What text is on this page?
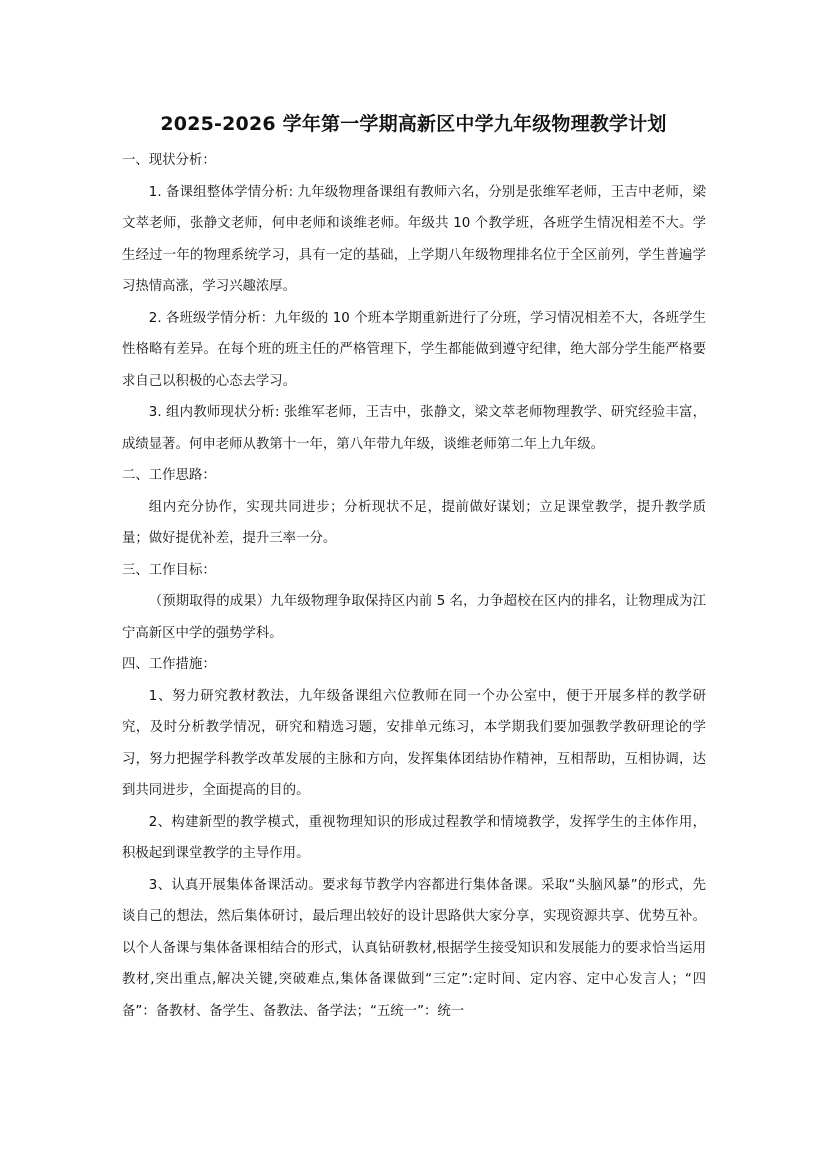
2025-2026 学年第一学期高新区中学九年级物理教学计划

一、现状分析：

1. 备课组整体学情分析: 九年级物理备课组有教师六名，分别是张维军老师，王吉中老师，梁文萃老师，张静文老师，何申老师和谈维老师。年级共 10 个教学班，各班学生情况相差不大。学生经过一年的物理系统学习，具有一定的基础，上学期八年级物理排名位于全区前列，学生普遍学习热情高涨，学习兴趣浓厚。

2. 各班级学情分析：九年级的 10 个班本学期重新进行了分班，学习情况相差不大，各班学生性格略有差异。在每个班的班主任的严格管理下，学生都能做到遵守纪律，绝大部分学生能严格要求自己以积极的心态去学习。

3. 组内教师现状分析: 张维军老师，王吉中，张静文，梁文萃老师物理教学、研究经验丰富，成绩显著。何申老师从教第十一年，第八年带九年级，谈维老师第二年上九年级。

二、工作思路：

组内充分协作，实现共同进步；分析现状不足，提前做好谋划；立足课堂教学，提升教学质量；做好提优补差，提升三率一分。

三、工作目标：

（预期取得的成果）九年级物理争取保持区内前 5 名，力争超校在区内的排名，让物理成为江宁高新区中学的强势学科。

四、工作措施：

1、努力研究教材教法，九年级备课组六位教师在同一个办公室中，便于开展多样的教学研究，及时分析教学情况，研究和精选习题，安排单元练习，本学期我们要加强教学教研理论的学习，努力把握学科教学改革发展的主脉和方向，发挥集体团结协作精神，互相帮助，互相协调，达到共同进步，全面提高的目的。

2、构建新型的教学模式，重视物理知识的形成过程教学和情境教学，发挥学生的主体作用，积极起到课堂教学的主导作用。

3、认真开展集体备课活动。要求每节教学内容都进行集体备课。采取“头脑风暴”的形式，先谈自己的想法，然后集体研讨，最后理出较好的设计思路供大家分享，实现资源共享、优势互补。以个人备课与集体备课相结合的形式，认真钻研教材,根据学生接受知识和发展能力的要求恰当运用教材,突出重点,解决关键,突破难点,集体备课做到“三定”:定时间、定内容、定中心发言人；“四备”：备教材、备学生、备教法、备学法；“五统一”：统一
